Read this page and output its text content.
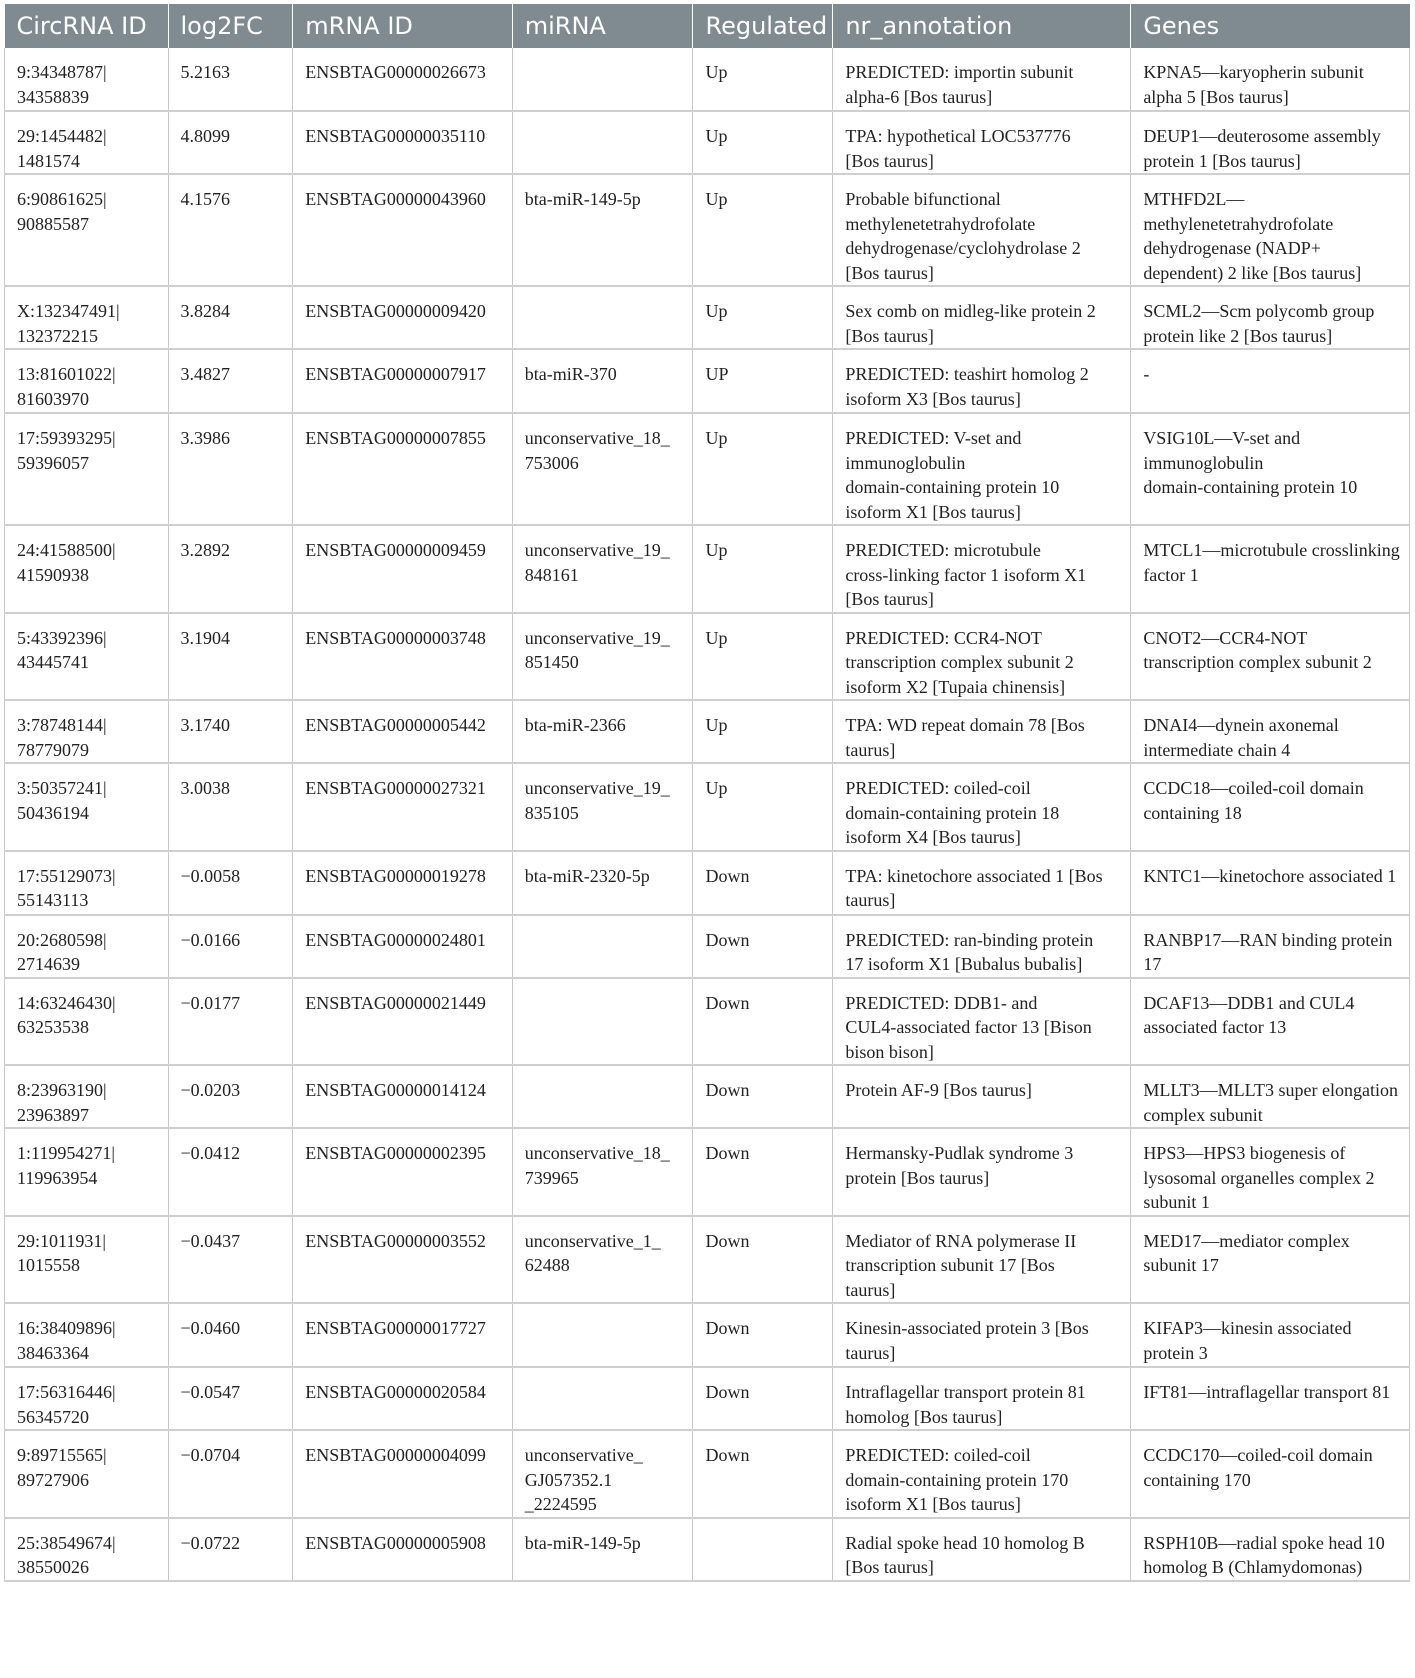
CircRNA ID	log2FC	mRNA ID	miRNA	Regulated	nr_annotation	Genes

9:34348787|
34358839	5.2163	ENSBTAG00000026673		Up	PREDICTED: importin subunit
alpha-6 [Bos taurus]	KPNA5—karyopherin subunit
alpha 5 [Bos taurus]

29:1454482|
1481574	4.8099	ENSBTAG00000035110		Up	TPA: hypothetical LOC537776
[Bos taurus]	DEUP1—deuterosome assembly
protein 1 [Bos taurus]

6:90861625|
90885587	4.1576	ENSBTAG00000043960	bta-miR-149-5p	Up	Probable bifunctional
methylenetetrahydrofolate
dehydrogenase/cyclohydrolase 2
[Bos taurus]	MTHFD2L—
methylenetetrahydrofolate
dehydrogenase (NADP+
dependent) 2 like [Bos taurus]

X:132347491|
132372215	3.8284	ENSBTAG00000009420		Up	Sex comb on midleg-like protein 2
[Bos taurus]	SCML2—Scm polycomb group
protein like 2 [Bos taurus]

13:81601022|
81603970	3.4827	ENSBTAG00000007917	bta-miR-370	UP	PREDICTED: teashirt homolog 2
isoform X3 [Bos taurus]	-

17:59393295|
59396057	3.3986	ENSBTAG00000007855	unconservative_18_
753006	Up	PREDICTED: V-set and
immunoglobulin
domain-containing protein 10
isoform X1 [Bos taurus]	VSIG10L—V-set and
immunoglobulin
domain-containing protein 10

24:41588500|
41590938	3.2892	ENSBTAG00000009459	unconservative_19_
848161	Up	PREDICTED: microtubule
cross-linking factor 1 isoform X1
[Bos taurus]	MTCL1—microtubule crosslinking
factor 1

5:43392396|
43445741	3.1904	ENSBTAG00000003748	unconservative_19_
851450	Up	PREDICTED: CCR4-NOT
transcription complex subunit 2
isoform X2 [Tupaia chinensis]	CNOT2—CCR4-NOT
transcription complex subunit 2

3:78748144|
78779079	3.1740	ENSBTAG00000005442	bta-miR-2366	Up	TPA: WD repeat domain 78 [Bos
taurus]	DNAI4—dynein axonemal
intermediate chain 4

3:50357241|
50436194	3.0038	ENSBTAG00000027321	unconservative_19_
835105	Up	PREDICTED: coiled-coil
domain-containing protein 18
isoform X4 [Bos taurus]	CCDC18—coiled-coil domain
containing 18

17:55129073|
55143113	−0.0058	ENSBTAG00000019278	bta-miR-2320-5p	Down	TPA: kinetochore associated 1 [Bos
taurus]	KNTC1—kinetochore associated 1

20:2680598|
2714639	−0.0166	ENSBTAG00000024801		Down	PREDICTED: ran-binding protein
17 isoform X1 [Bubalus bubalis]	RANBP17—RAN binding protein
17

14:63246430|
63253538	−0.0177	ENSBTAG00000021449		Down	PREDICTED: DDB1- and
CUL4-associated factor 13 [Bison
bison bison]	DCAF13—DDB1 and CUL4
associated factor 13

8:23963190|
23963897	−0.0203	ENSBTAG00000014124		Down	Protein AF-9 [Bos taurus]	MLLT3—MLLT3 super elongation
complex subunit

1:119954271|
119963954	−0.0412	ENSBTAG00000002395	unconservative_18_
739965	Down	Hermansky-Pudlak syndrome 3
protein [Bos taurus]	HPS3—HPS3 biogenesis of
lysosomal organelles complex 2
subunit 1

29:1011931|
1015558	−0.0437	ENSBTAG00000003552	unconservative_1_
62488	Down	Mediator of RNA polymerase II
transcription subunit 17 [Bos
taurus]	MED17—mediator complex
subunit 17

16:38409896|
38463364	−0.0460	ENSBTAG00000017727		Down	Kinesin-associated protein 3 [Bos
taurus]	KIFAP3—kinesin associated
protein 3

17:56316446|
56345720	−0.0547	ENSBTAG00000020584		Down	Intraflagellar transport protein 81
homolog [Bos taurus]	IFT81—intraflagellar transport 81

9:89715565|
89727906	−0.0704	ENSBTAG00000004099	unconservative_
GJ057352.1
_2224595	Down	PREDICTED: coiled-coil
domain-containing protein 170
isoform X1 [Bos taurus]	CCDC170—coiled-coil domain
containing 170

25:38549674|
38550026	−0.0722	ENSBTAG00000005908	bta-miR-149-5p		Radial spoke head 10 homolog B
[Bos taurus]	RSPH10B—radial spoke head 10
homolog B (Chlamydomonas)
